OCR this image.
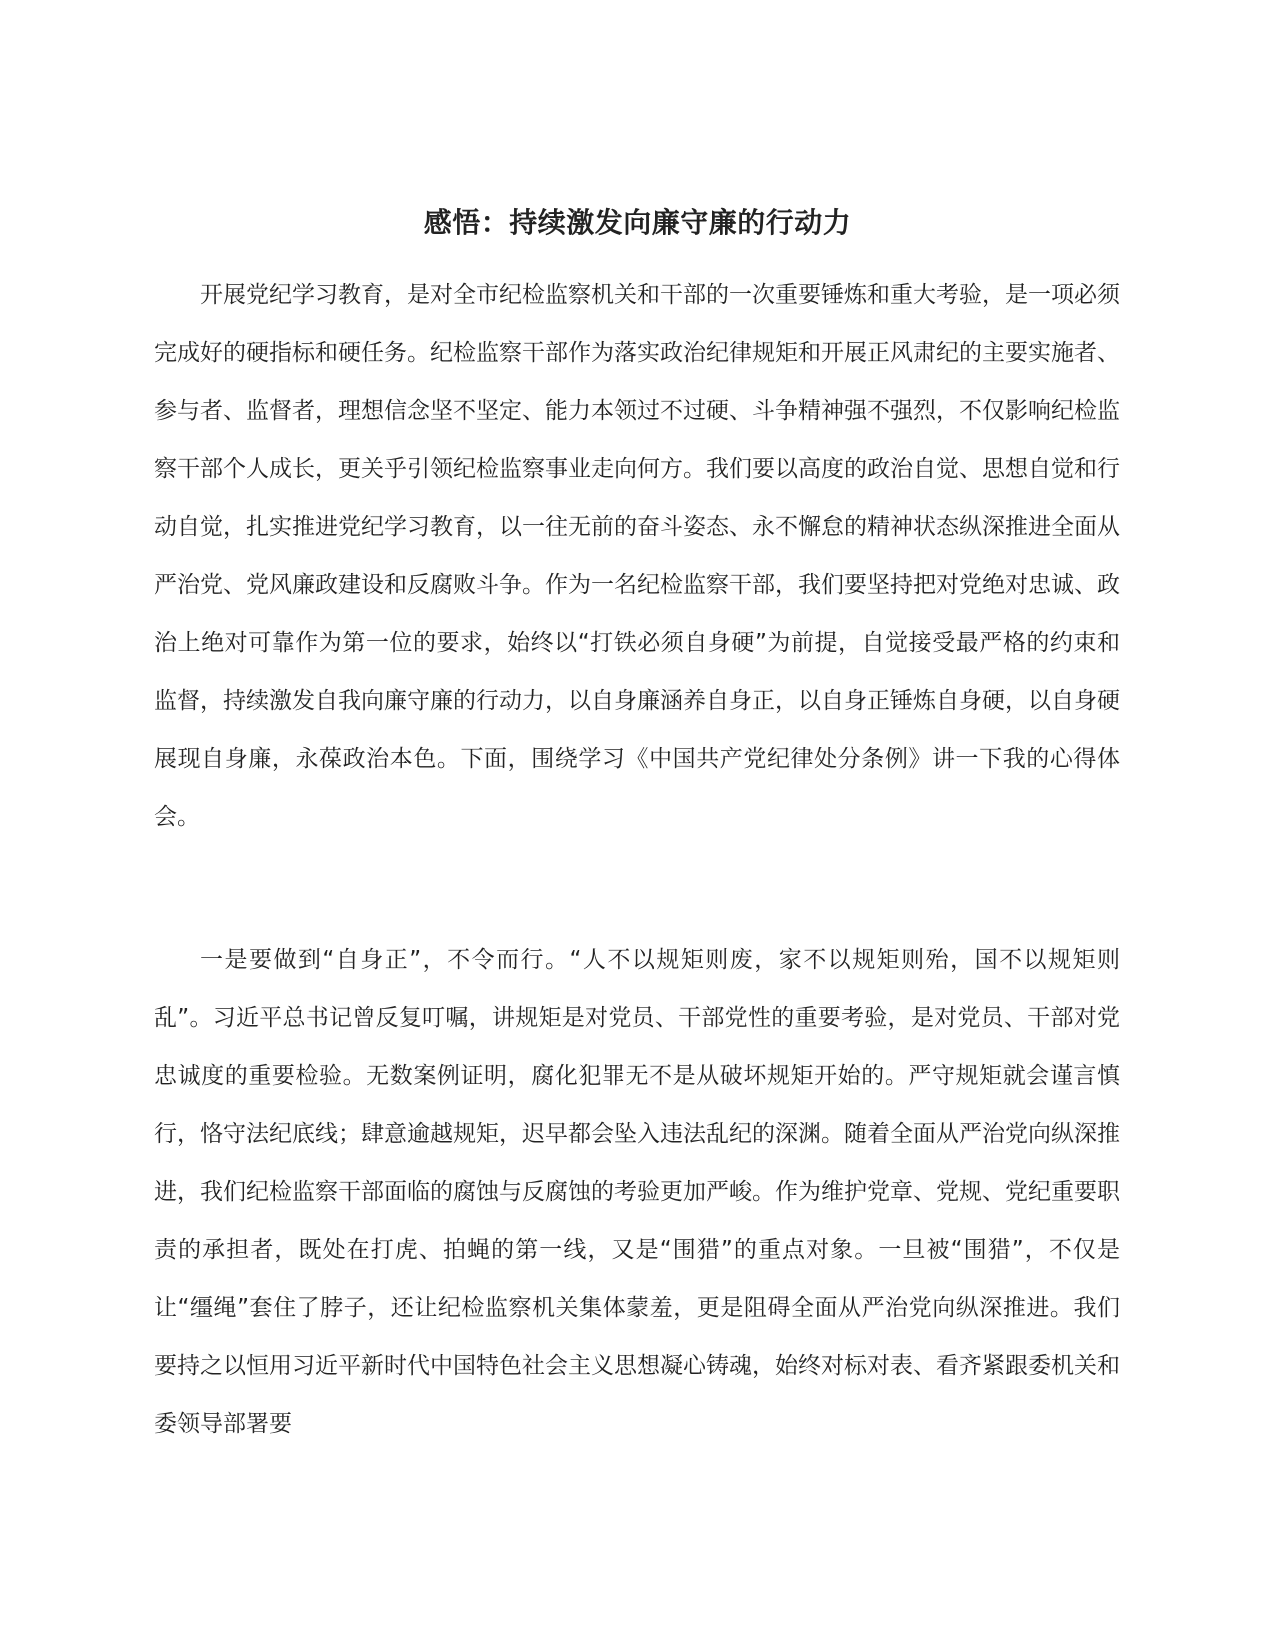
感悟：持续激发向廉守廉的行动力

开展党纪学习教育，是对全市纪检监察机关和干部的一次重要锤炼和重大考验，是一项必须完成好的硬指标和硬任务。纪检监察干部作为落实政治纪律规矩和开展正风肃纪的主要实施者、参与者、监督者，理想信念坚不坚定、能力本领过不过硬、斗争精神强不强烈，不仅影响纪检监察干部个人成长，更关乎引领纪检监察事业走向何方。我们要以高度的政治自觉、思想自觉和行动自觉，扎实推进党纪学习教育，以一往无前的奋斗姿态、永不懈怠的精神状态纵深推进全面从严治党、党风廉政建设和反腐败斗争。作为一名纪检监察干部，我们要坚持把对党绝对忠诚、政治上绝对可靠作为第一位的要求，始终以“打铁必须自身硬”为前提，自觉接受最严格的约束和监督，持续激发自我向廉守廉的行动力，以自身廉涵养自身正，以自身正锤炼自身硬，以自身硬展现自身廉，永葆政治本色。下面，围绕学习《中国共产党纪律处分条例》讲一下我的心得体会。

一是要做到“自身正”，不令而行。“人不以规矩则废，家不以规矩则殆，国不以规矩则乱”。习近平总书记曾反复叮嘱，讲规矩是对党员、干部党性的重要考验，是对党员、干部对党忠诚度的重要检验。无数案例证明，腐化犯罪无不是从破坏规矩开始的。严守规矩就会谨言慎行，恪守法纪底线；肆意逾越规矩，迟早都会坠入违法乱纪的深渊。随着全面从严治党向纵深推进，我们纪检监察干部面临的腐蚀与反腐蚀的考验更加严峻。作为维护党章、党规、党纪重要职责的承担者，既处在打虎、拍蝇的第一线，又是“围猎”的重点对象。一旦被“围猎”，不仅是让“缰绳”套住了脖子，还让纪检监察机关集体蒙羞，更是阻碍全面从严治党向纵深推进。我们要持之以恒用习近平新时代中国特色社会主义思想凝心铸魂，始终对标对表、看齐紧跟委机关和委领导部署要
